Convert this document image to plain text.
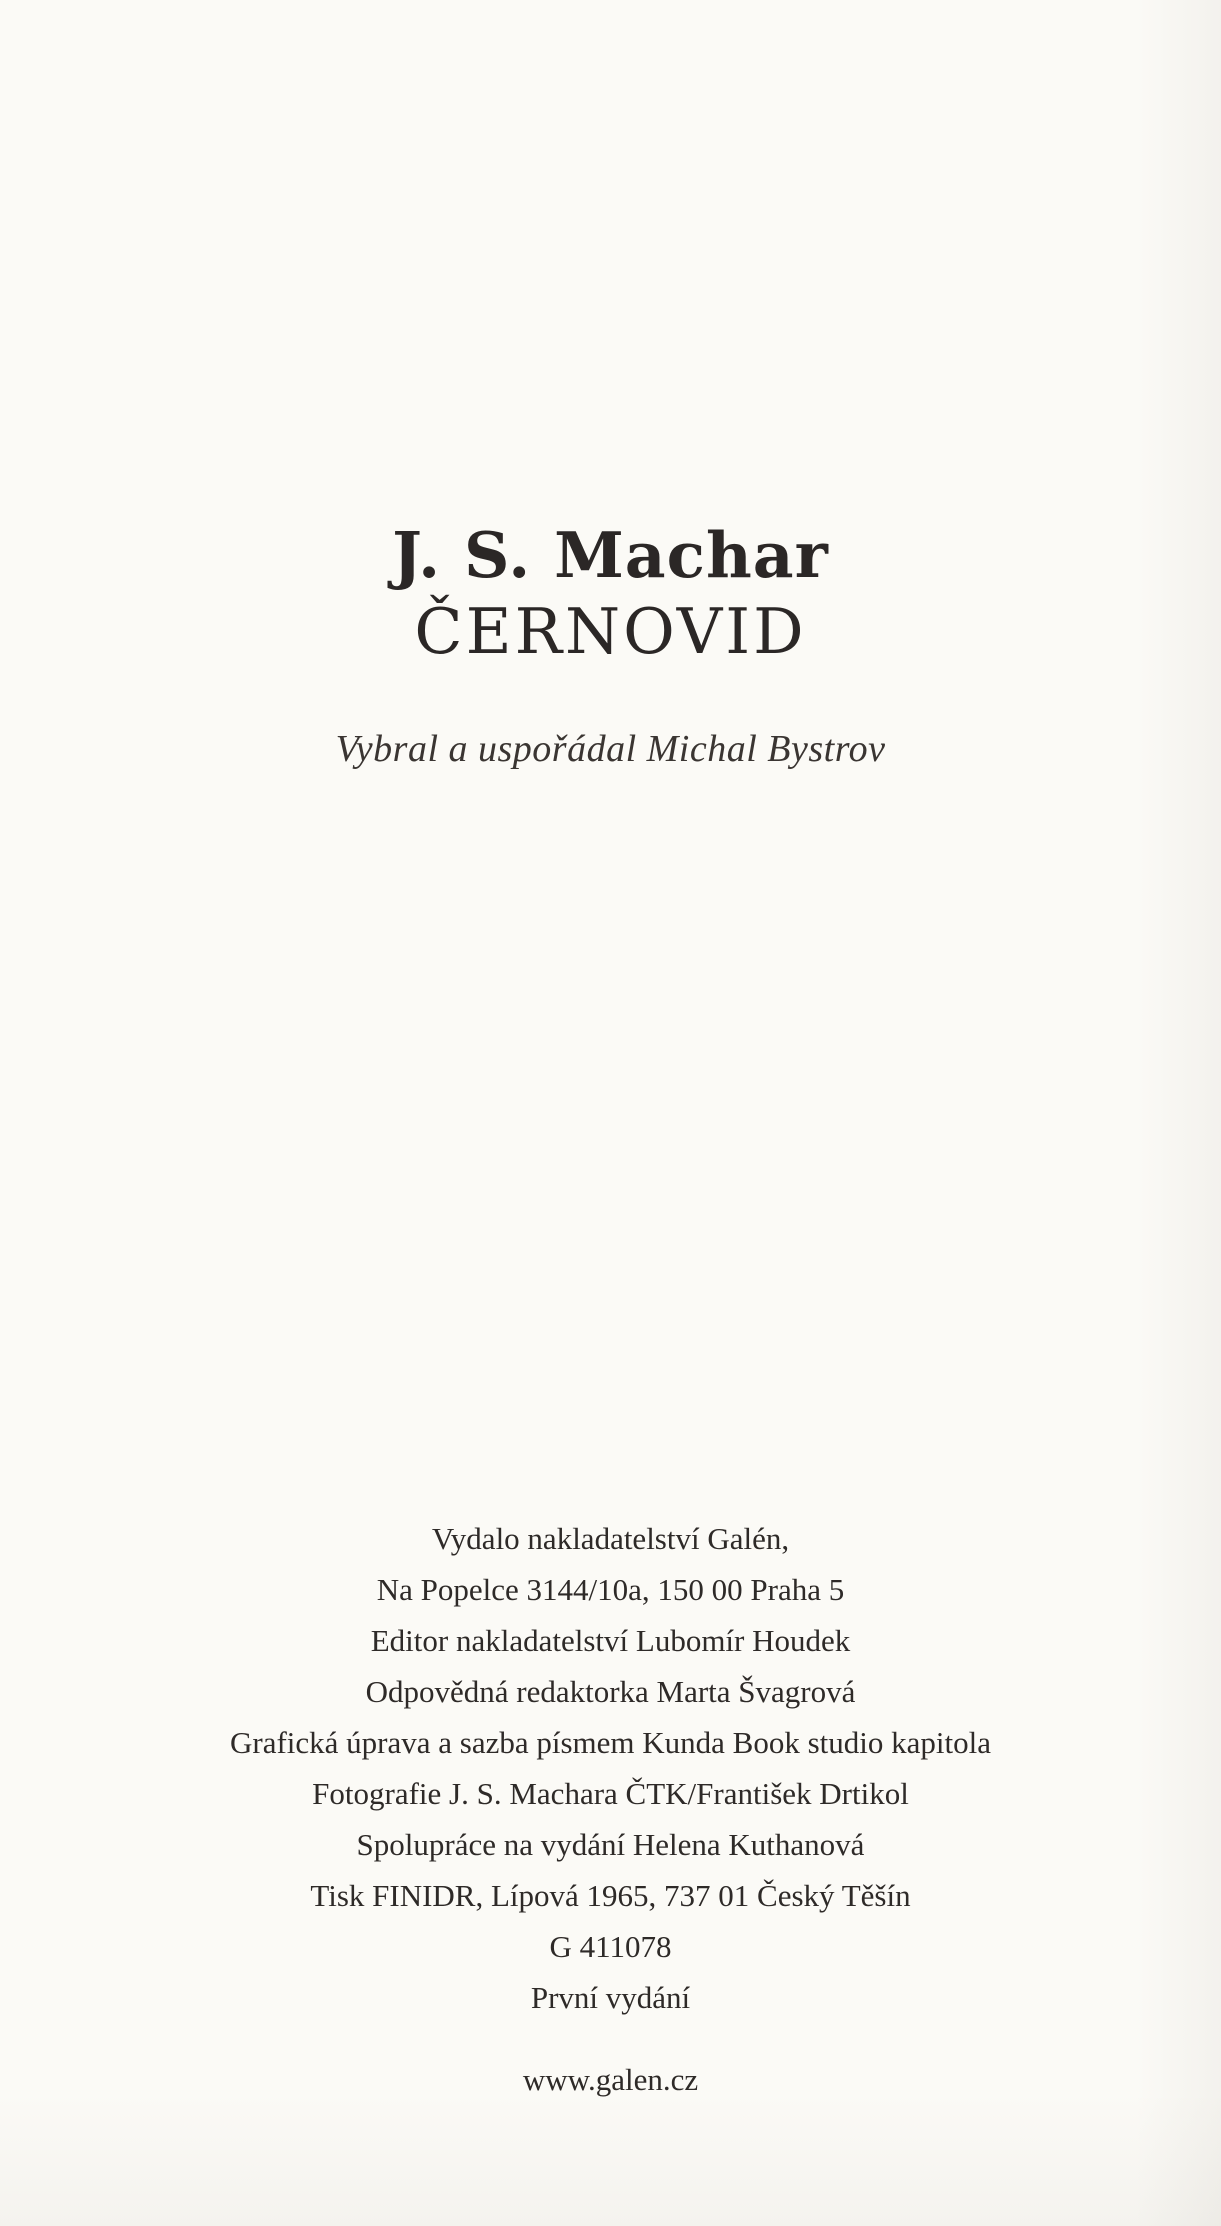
J. S. Machar
ČERNOVID
Vybral a uspořádal Michal Bystrov
Vydalo nakladatelství Galén,
Na Popelce 3144/10a, 150 00 Praha 5
Editor nakladatelství Lubomír Houdek
Odpovědná redaktorka Marta Švagrová
Grafická úprava a sazba písmem Kunda Book studio kapitola
Fotografie J. S. Machara ČTK/František Drtikol
Spolupráce na vydání Helena Kuthanová
Tisk FINIDR, Lípová 1965, 737 01 Český Těšín
G 411078
První vydání
www.galen.cz
